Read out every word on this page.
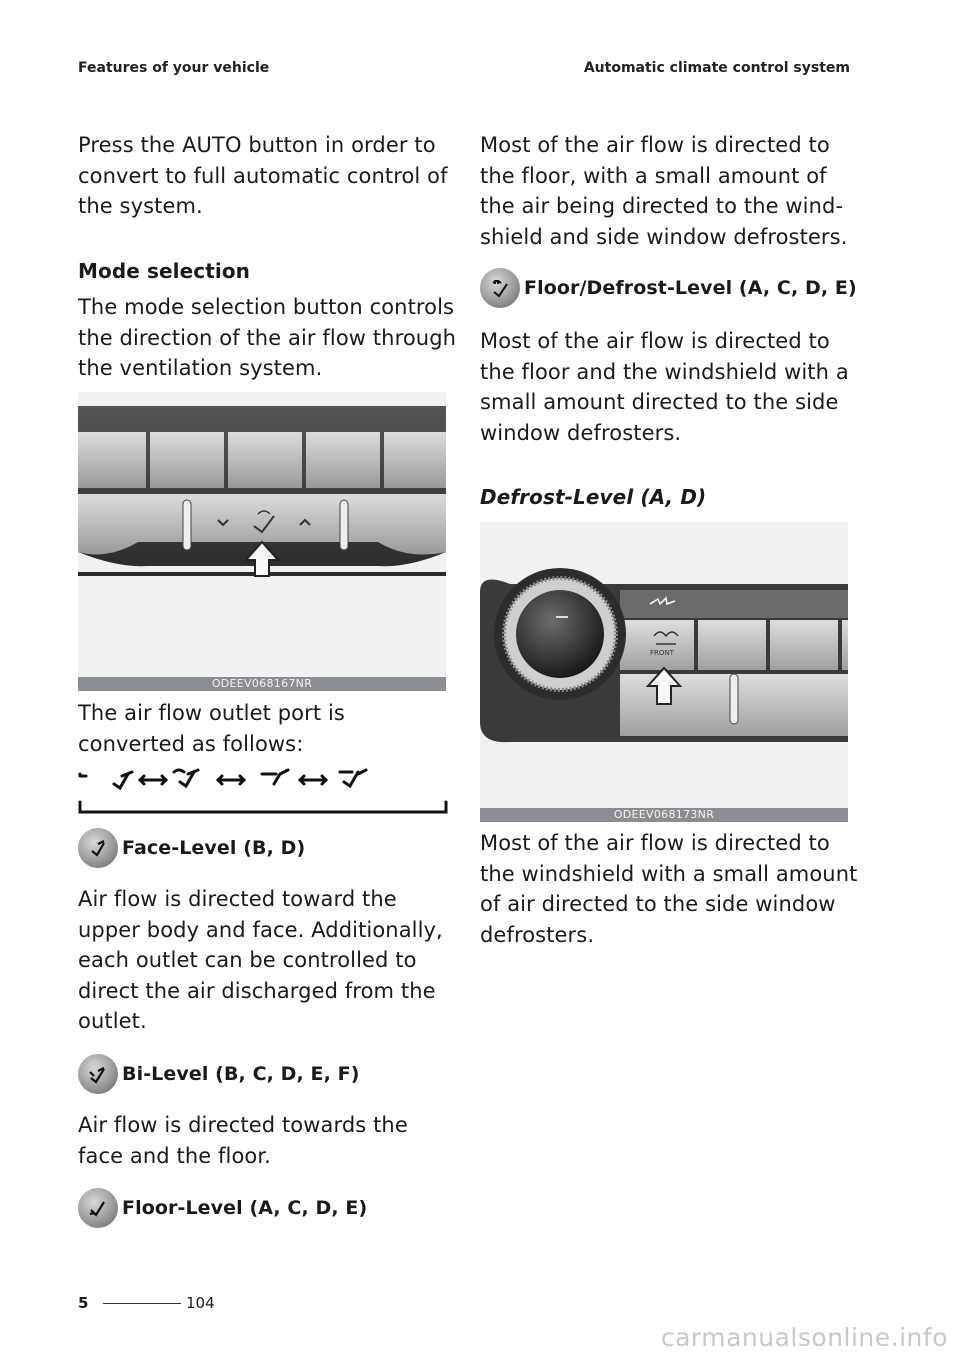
Features of your vehicle	Automatic climate control system

Press the AUTO button in order to convert to full automatic control of the system.

Mode selection

The mode selection button controls the direction of the air flow through the ventilation system.

ODEEV068167NR

The air flow outlet port is converted as follows:

Face-Level (B, D)

Air flow is directed toward the upper body and face. Additionally, each outlet can be controlled to direct the air discharged from the outlet.

Bi-Level (B, C, D, E, F)

Air flow is directed towards the face and the floor.

Floor-Level (A, C, D, E)

Most of the air flow is directed to the floor, with a small amount of the air being directed to the wind-shield and side window defrosters.

Floor/Defrost-Level (A, C, D, E)

Most of the air flow is directed to the floor and the windshield with a small amount directed to the side window defrosters.

Defrost-Level (A, D)
FRONT
ODEEV068173NR

Most of the air flow is directed to the windshield with a small amount of air directed to the side window defrosters.

5	104
carmanualsonline.info
